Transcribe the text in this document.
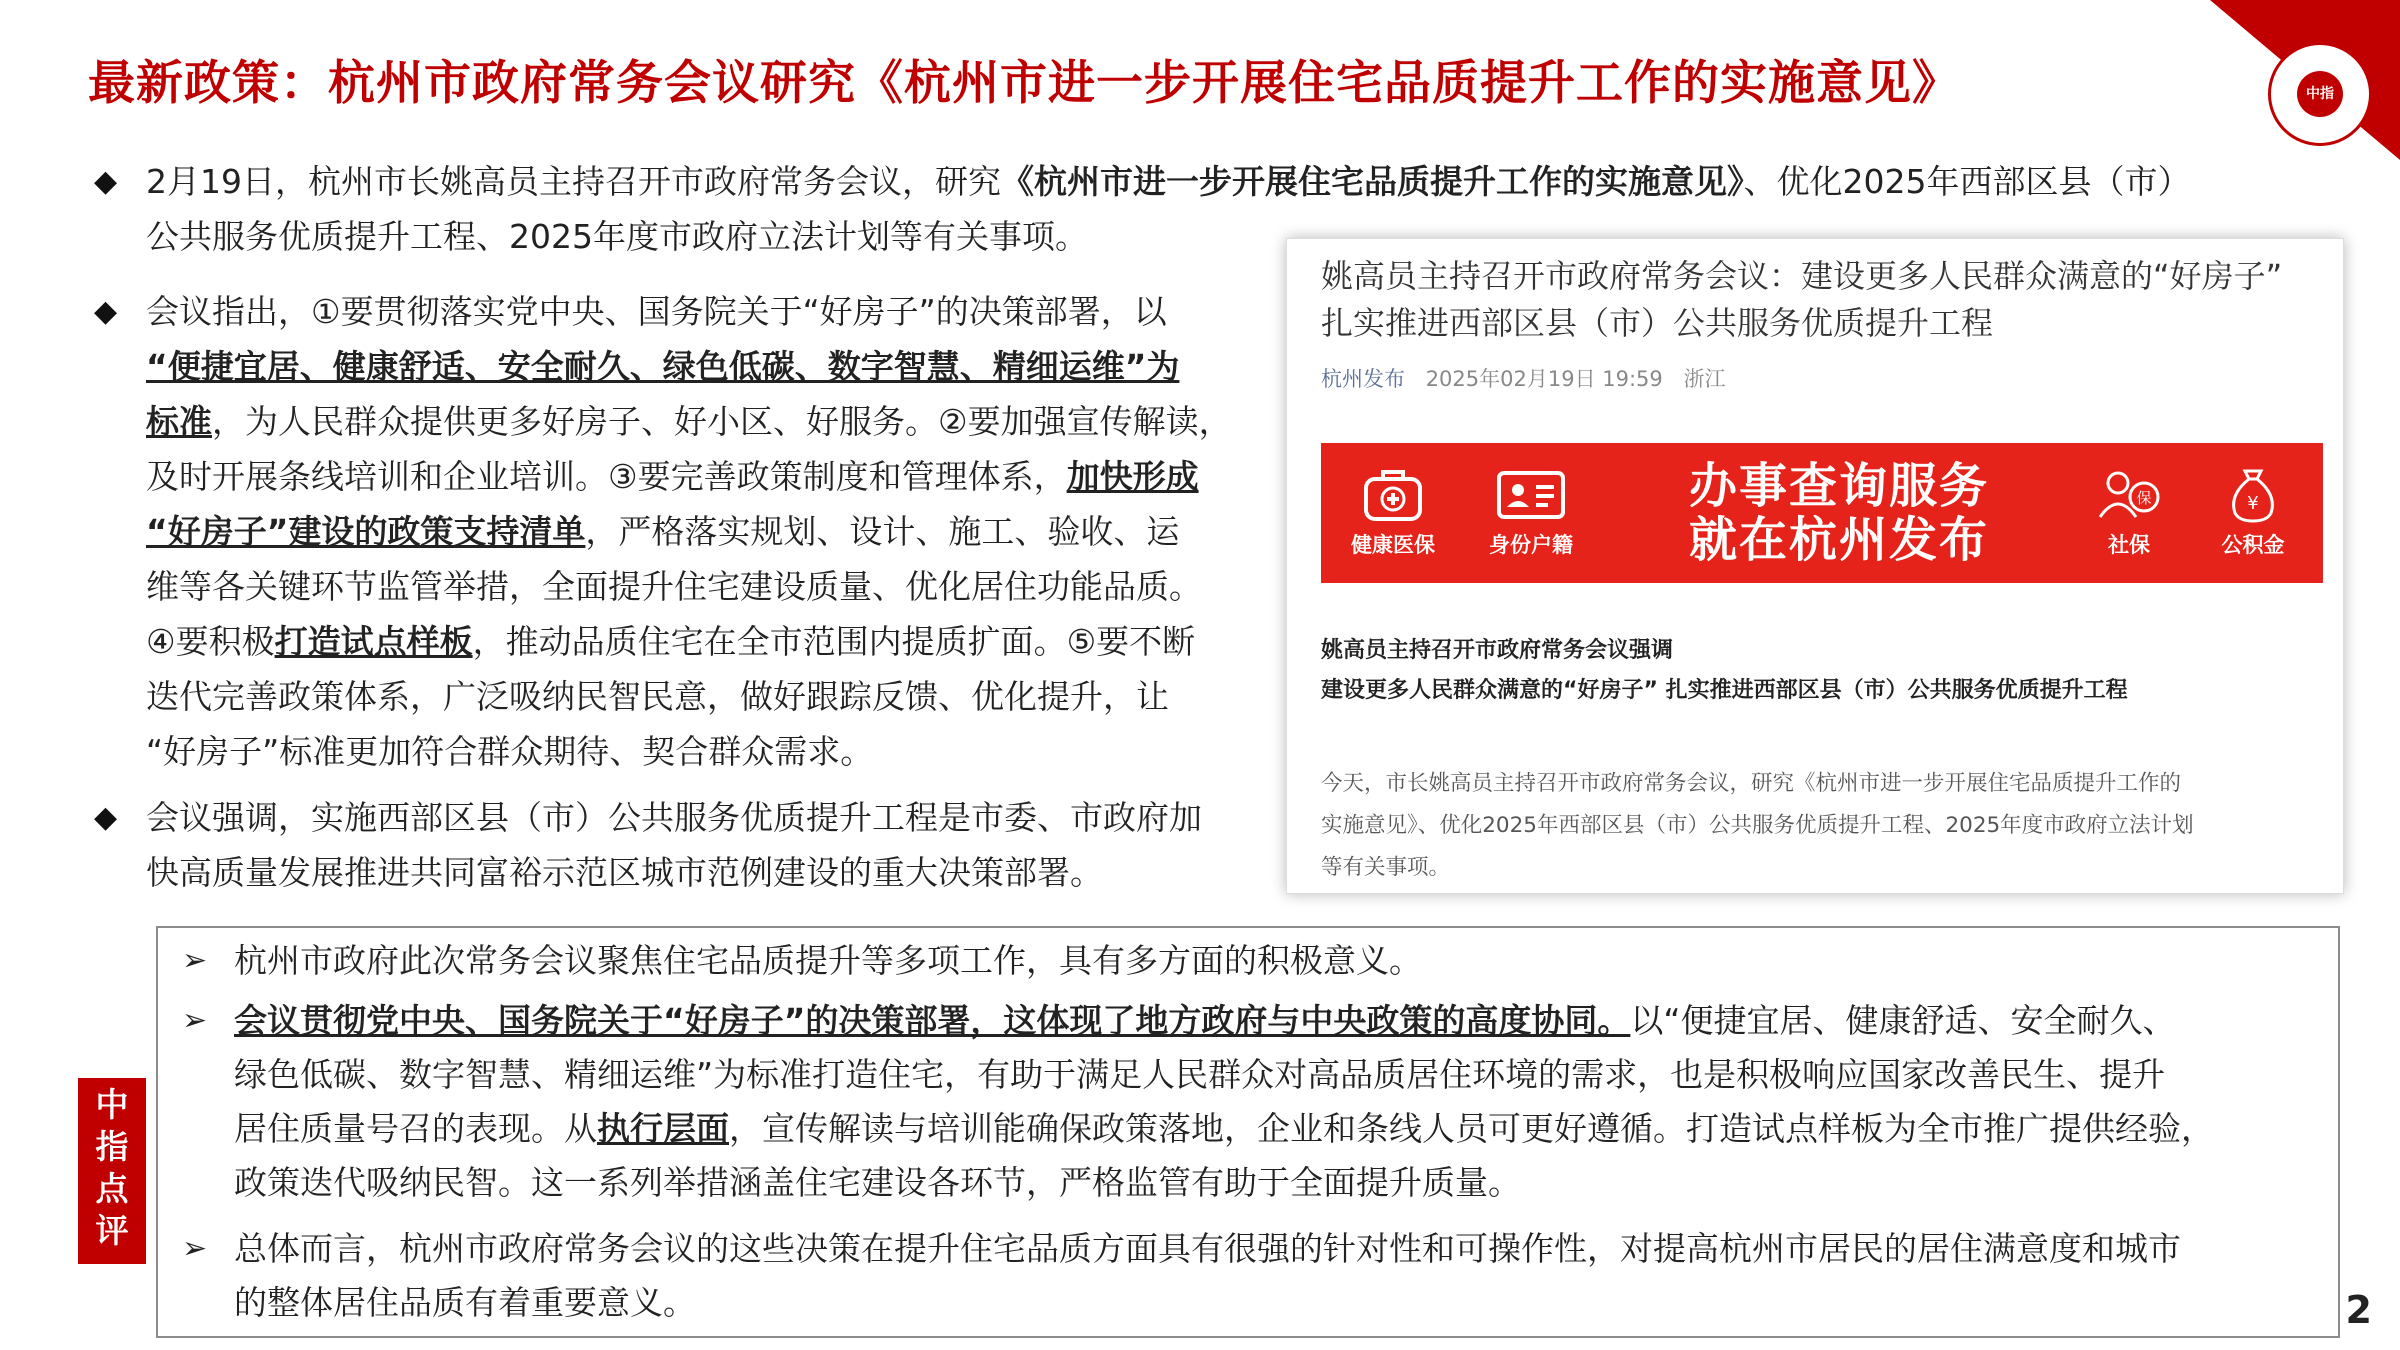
最新政策：杭州市政府常务会议研究《杭州市进一步开展住宅品质提升工作的实施意见》	中指
◆ 2月19日，杭州市长姚高员主持召开市政府常务会议，研究《杭州市进一步开展住宅品质提升工作的实施意见》、优化2025年西部区县（市）
公共服务优质提升工程、2025年度市政府立法计划等有关事项。
◆ 会议指出，①要贯彻落实党中央、国务院关于“好房子”的决策部署，以
“便捷宜居、健康舒适、安全耐久、绿色低碳、数字智慧、精细运维”为
标准，为人民群众提供更多好房子、好小区、好服务。②要加强宣传解读，
及时开展条线培训和企业培训。③要完善政策制度和管理体系，加快形成
“好房子”建设的政策支持清单，严格落实规划、设计、施工、验收、运
维等各关键环节监管举措，全面提升住宅建设质量、优化居住功能品质。
④要积极打造试点样板，推动品质住宅在全市范围内提质扩面。⑤要不断
迭代完善政策体系，广泛吸纳民智民意，做好跟踪反馈、优化提升，让
“好房子”标准更加符合群众期待、契合群众需求。
◆ 会议强调，实施西部区县（市）公共服务优质提升工程是市委、市政府加
快高质量发展推进共同富裕示范区城市范例建设的重大决策部署。
姚高员主持召开市政府常务会议：建设更多人民群众满意的“好房子”
扎实推进西部区县（市）公共服务优质提升工程
杭州发布 2025年02月19日 19:59 浙江
健康医保	身份户籍
办事查询服务
就在杭州发布
保
社保
¥
公积金
姚高员主持召开市政府常务会议强调
建设更多人民群众满意的“好房子” 扎实推进西部区县（市）公共服务优质提升工程
今天，市长姚高员主持召开市政府常务会议，研究《杭州市进一步开展住宅品质提升工作的
实施意见》、优化2025年西部区县（市）公共服务优质提升工程、2025年度市政府立法计划
等有关事项。
中指点评
➢ 杭州市政府此次常务会议聚焦住宅品质提升等多项工作，具有多方面的积极意义。
➢ 会议贯彻党中央、国务院关于“好房子”的决策部署，这体现了地方政府与中央政策的高度协同。以“便捷宜居、健康舒适、安全耐久、
绿色低碳、数字智慧、精细运维”为标准打造住宅，有助于满足人民群众对高品质居住环境的需求，也是积极响应国家改善民生、提升
居住质量号召的表现。从执行层面，宣传解读与培训能确保政策落地，企业和条线人员可更好遵循。打造试点样板为全市推广提供经验，
政策迭代吸纳民智。这一系列举措涵盖住宅建设各环节，严格监管有助于全面提升质量。
➢ 总体而言，杭州市政府常务会议的这些决策在提升住宅品质方面具有很强的针对性和可操作性，对提高杭州市居民的居住满意度和城市
的整体居住品质有着重要意义。	2
